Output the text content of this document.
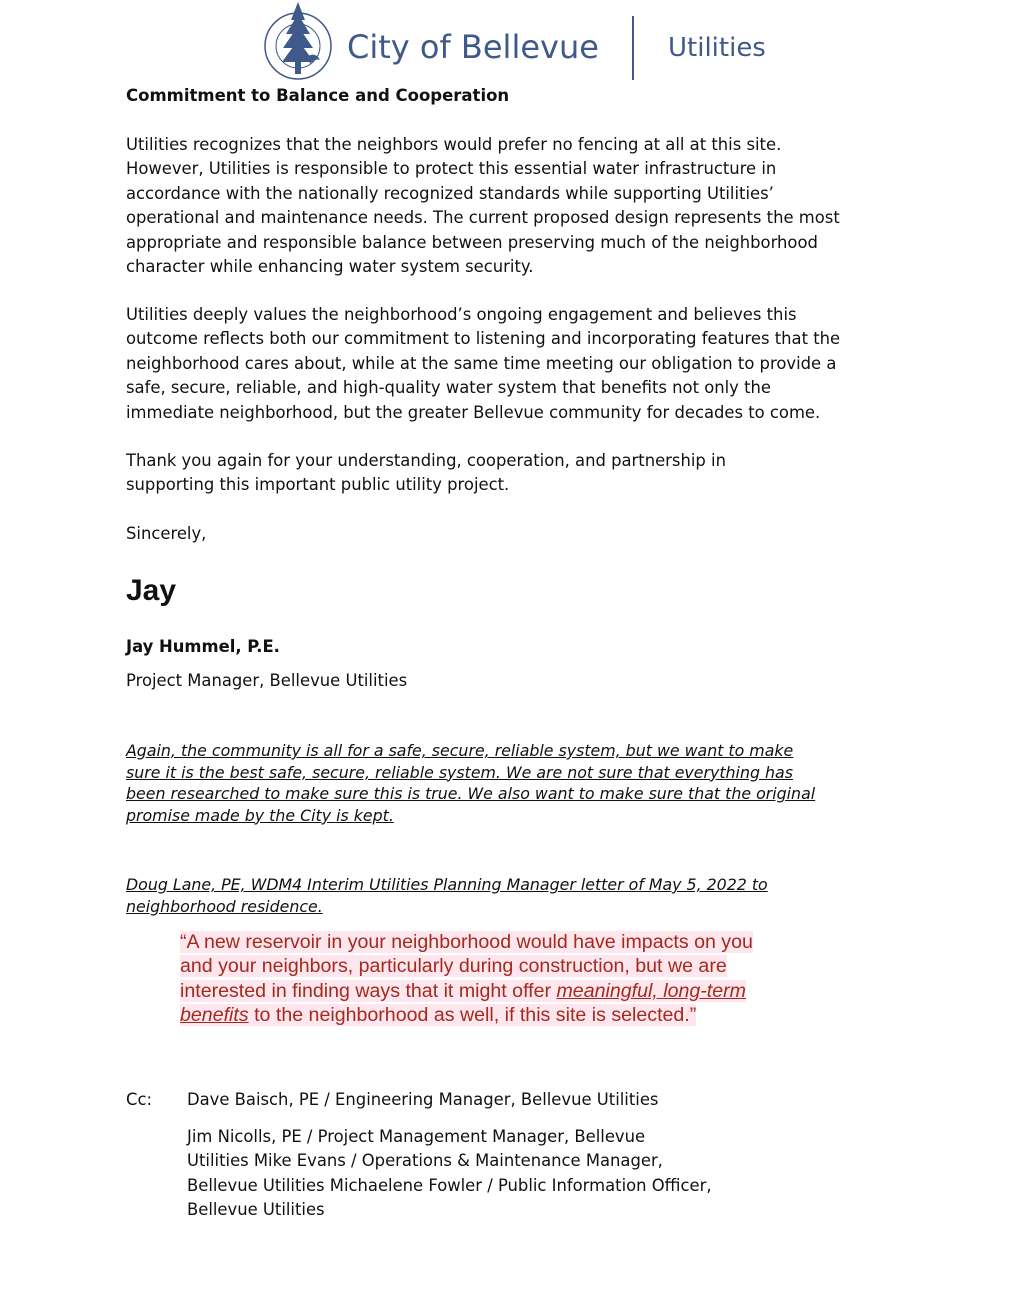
City of Bellevue	Utilities
Commitment to Balance and Cooperation
Utilities recognizes that the neighbors would prefer no fencing at all at this site.
However, Utilities is responsible to protect this essential water infrastructure in
accordance with the nationally recognized standards while supporting Utilities’
operational and maintenance needs. The current proposed design represents the most
appropriate and responsible balance between preserving much of the neighborhood
character while enhancing water system security.
Utilities deeply values the neighborhood’s ongoing engagement and believes this
outcome reflects both our commitment to listening and incorporating features that the
neighborhood cares about, while at the same time meeting our obligation to provide a
safe, secure, reliable, and high-quality water system that benefits not only the
immediate neighborhood, but the greater Bellevue community for decades to come.
Thank you again for your understanding, cooperation, and partnership in
supporting this important public utility project.
Sincerely,
Jay
Jay Hummel, P.E.
Project Manager, Bellevue Utilities
Again, the community is all for a safe, secure, reliable system, but we want to make
sure it is the best safe, secure, reliable system. We are not sure that everything has
been researched to make sure this is true. We also want to make sure that the original
promise made by the City is kept.
Doug Lane, PE, WDM4 Interim Utilities Planning Manager letter of May 5, 2022 to
neighborhood residence.
“A new reservoir in your neighborhood would have impacts on you
and your neighbors, particularly during construction, but we are
interested in finding ways that it might offer meaningful, long-term
benefits to the neighborhood as well, if this site is selected.”
Cc: Dave Baisch, PE / Engineering Manager, Bellevue Utilities
Jim Nicolls, PE / Project Management Manager, Bellevue
Utilities Mike Evans / Operations & Maintenance Manager,
Bellevue Utilities Michaelene Fowler / Public Information Officer,
Bellevue Utilities
